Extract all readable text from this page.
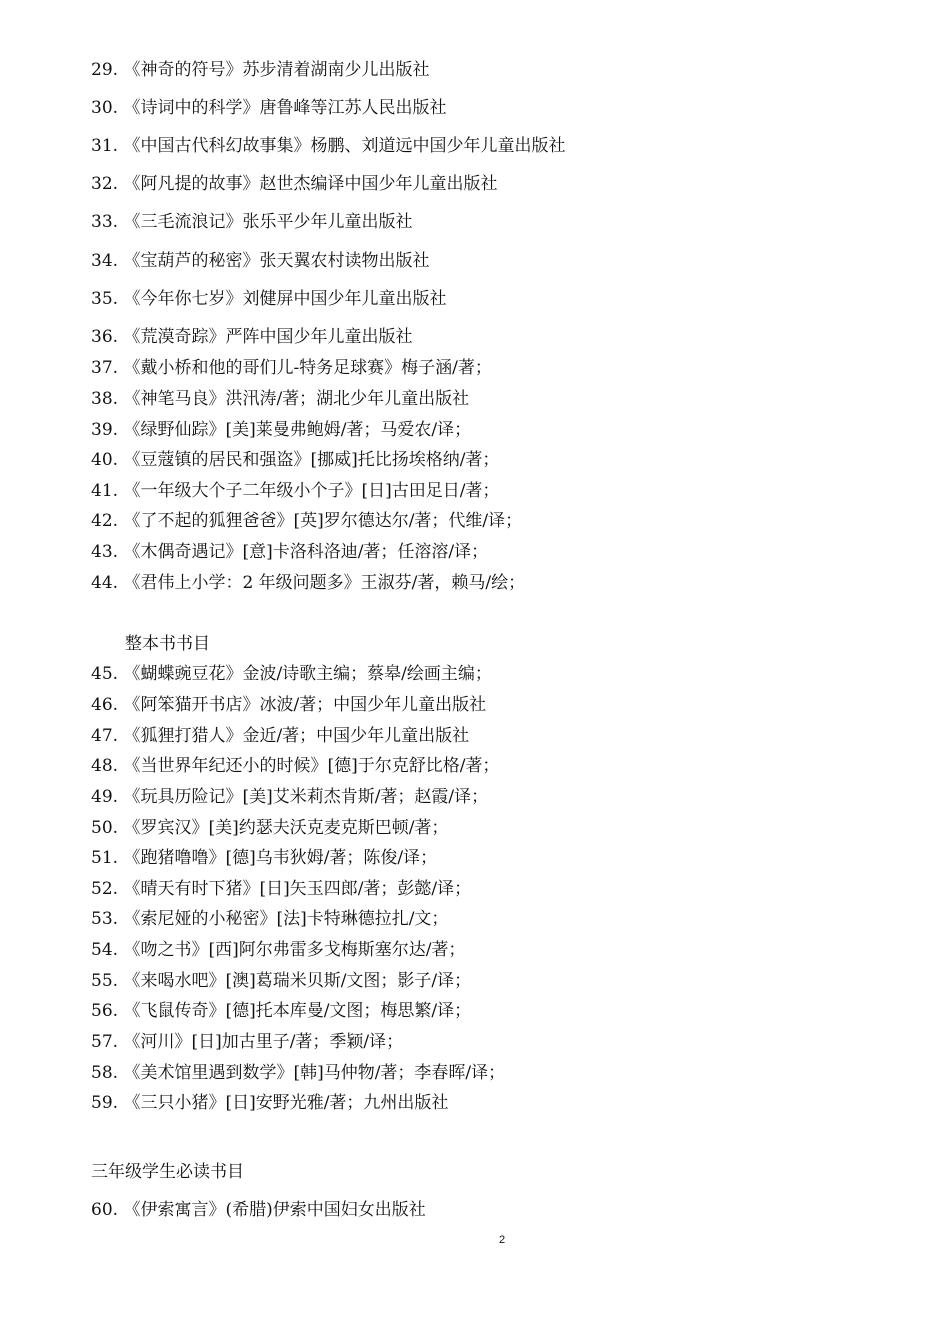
29. 《神奇的符号》苏步清着湖南少儿出版社
30. 《诗词中的科学》唐鲁峰等江苏人民出版社
31. 《中国古代科幻故事集》杨鹏、刘道远中国少年儿童出版社
32. 《阿凡提的故事》赵世杰编译中国少年儿童出版社
33. 《三毛流浪记》张乐平少年儿童出版社
34. 《宝葫芦的秘密》张天翼农村读物出版社
35. 《今年你七岁》刘健屏中国少年儿童出版社
36. 《荒漠奇踪》严阵中国少年儿童出版社
37. 《戴小桥和他的哥们儿-特务足球赛》梅子涵/著；
38. 《神笔马良》洪汛涛/著；湖北少年儿童出版社
39. 《绿野仙踪》[美]莱曼弗鲍姆/著；马爱农/译；
40. 《豆蔻镇的居民和强盗》[挪威]托比扬埃格纳/著；
41. 《一年级大个子二年级小个子》[日]古田足日/著；
42. 《了不起的狐狸爸爸》[英]罗尔德达尔/著；代维/译；
43. 《木偶奇遇记》[意]卡洛科洛迪/著；任溶溶/译；
44. 《君伟上小学：2 年级问题多》王淑芬/著，赖马/绘；
整本书书目
45. 《蝴蝶豌豆花》金波/诗歌主编；蔡皋/绘画主编；
46. 《阿笨猫开书店》冰波/著；中国少年儿童出版社
47. 《狐狸打猎人》金近/著；中国少年儿童出版社
48. 《当世界年纪还小的时候》[德]于尔克舒比格/著；
49. 《玩具历险记》[美]艾米莉杰肯斯/著；赵霞/译；
50. 《罗宾汉》[美]约瑟夫沃克麦克斯巴顿/著；
51. 《跑猪噜噜》[德]乌韦狄姆/著；陈俊/译；
52. 《晴天有时下猪》[日]矢玉四郎/著；彭懿/译；
53. 《索尼娅的小秘密》[法]卡特琳德拉扎/文；
54. 《吻之书》[西]阿尔弗雷多戈梅斯塞尔达/著；
55. 《来喝水吧》[澳]葛瑞米贝斯/文图；影子/译；
56. 《飞鼠传奇》[德]托本库曼/文图；梅思繁/译；
57. 《河川》[日]加古里子/著；季颖/译；
58. 《美术馆里遇到数学》[韩]马仲物/著；李春晖/译；
59. 《三只小猪》[日]安野光雅/著；九州出版社
三年级学生必读书目
60. 《伊索寓言》(希腊)伊索中国妇女出版社
2
